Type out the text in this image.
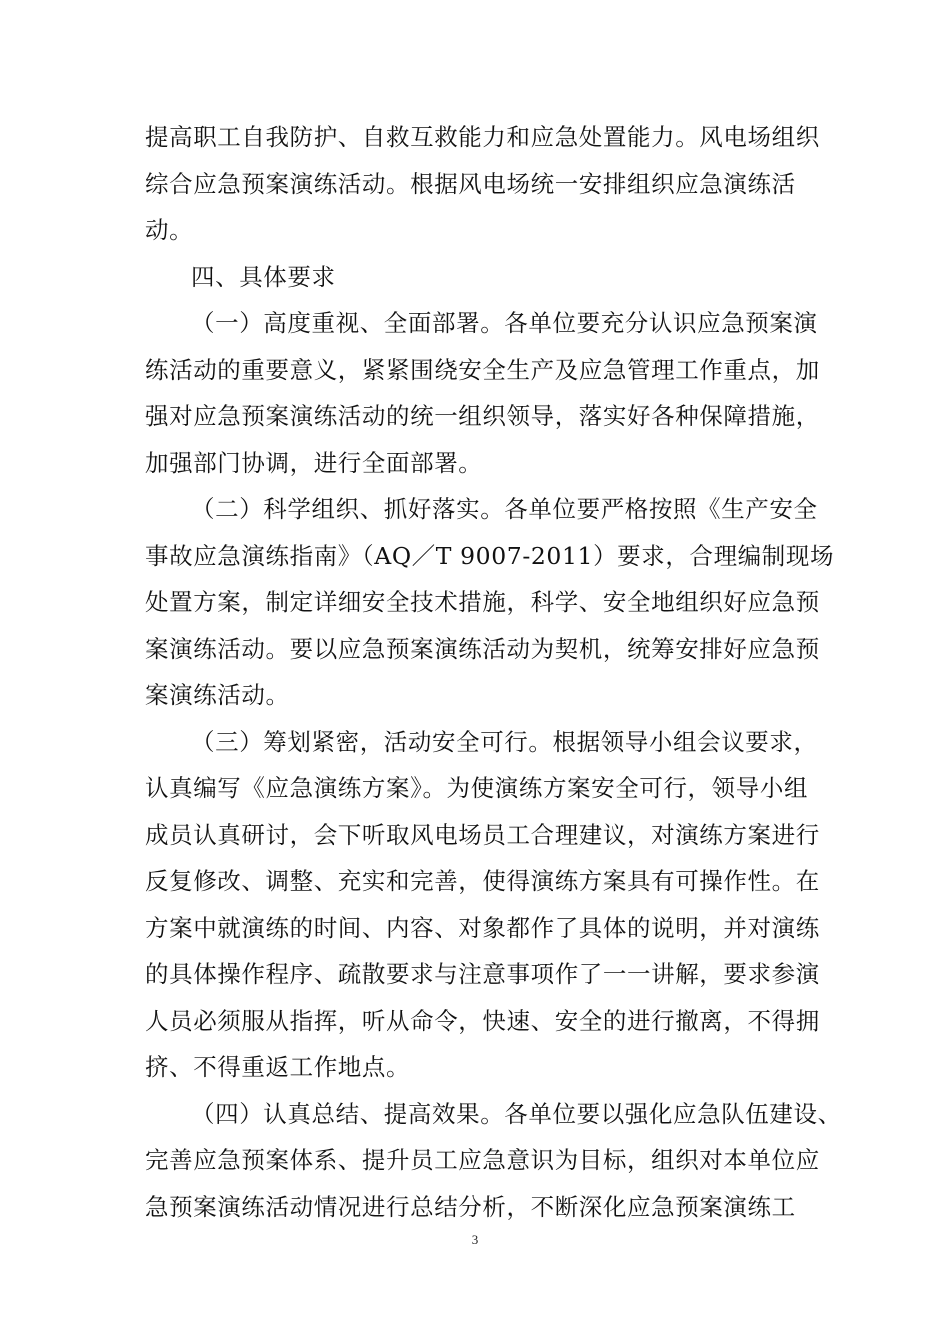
提高职工自我防护、自救互救能力和应急处置能力。风电场组织
综合应急预案演练活动。根据风电场统一安排组织应急演练活
动。
四、具体要求
（一）高度重视、全面部署。各单位要充分认识应急预案演
练活动的重要意义，紧紧围绕安全生产及应急管理工作重点，加
强对应急预案演练活动的统一组织领导，落实好各种保障措施，
加强部门协调，进行全面部署。
（二）科学组织、抓好落实。各单位要严格按照《生产安全
事故应急演练指南》（AQ／T 9007-2011）要求，合理编制现场
处置方案，制定详细安全技术措施，科学、安全地组织好应急预
案演练活动。要以应急预案演练活动为契机，统筹安排好应急预
案演练活动。
（三）筹划紧密，活动安全可行。根据领导小组会议要求，
认真编写《应急演练方案》。为使演练方案安全可行，领导小组
成员认真研讨，会下听取风电场员工合理建议，对演练方案进行
反复修改、调整、充实和完善，使得演练方案具有可操作性。在
方案中就演练的时间、内容、对象都作了具体的说明，并对演练
的具体操作程序、疏散要求与注意事项作了一一讲解，要求参演
人员必须服从指挥，听从命令，快速、安全的进行撤离，不得拥
挤、不得重返工作地点。
（四）认真总结、提高效果。各单位要以强化应急队伍建设、
完善应急预案体系、提升员工应急意识为目标，组织对本单位应
急预案演练活动情况进行总结分析，不断深化应急预案演练工
3
